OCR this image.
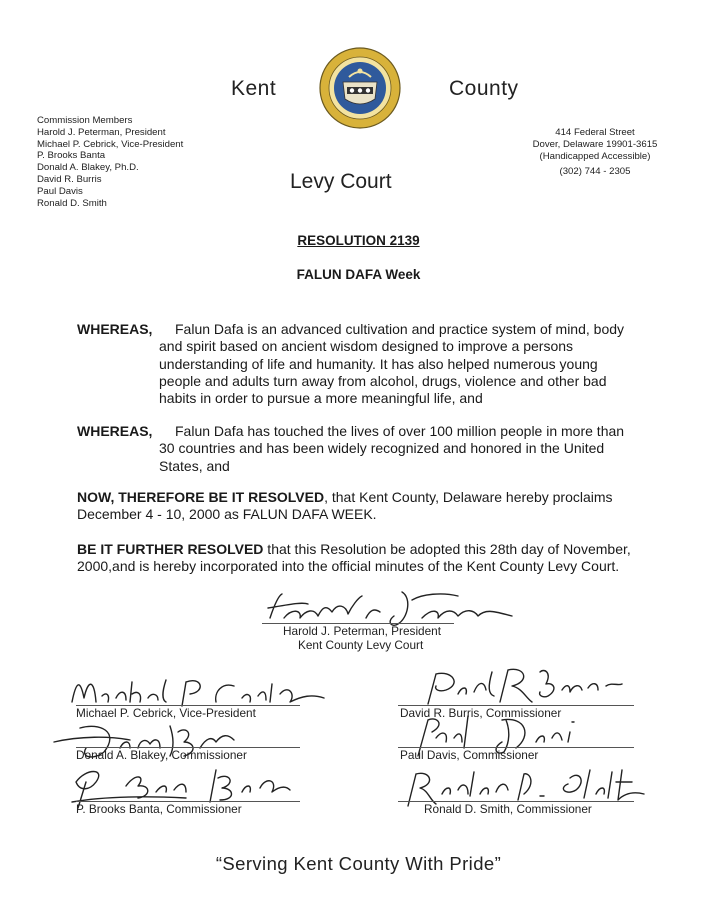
Kent	County
Commission Members
Harold J. Peterman, President
Michael P. Cebrick, Vice-President
P. Brooks Banta
Donald A. Blakey, Ph.D.
David R. Burris
Paul Davis
Ronald D. Smith
414 Federal Street
Dover, Delaware 19901-3615
(Handicapped Accessible)
(302) 744 - 2305
Levy Court
RESOLUTION 2139
FALUN DAFA Week
WHEREAS, Falun Dafa is an advanced cultivation and practice system of mind, body
and spirit based on ancient wisdom designed to improve a persons
understanding of life and humanity. It has also helped numerous young
people and adults turn away from alcohol, drugs, violence and other bad
habits in order to pursue a more meaningful life, and
WHEREAS, Falun Dafa has touched the lives of over 100 million people in more than
30 countries and has been widely recognized and honored in the United
States, and
NOW, THEREFORE BE IT RESOLVED, that Kent County, Delaware hereby proclaims
December 4 - 10, 2000 as FALUN DAFA WEEK.
BE IT FURTHER RESOLVED that this Resolution be adopted this 28th day of November,
2000,and is hereby incorporated into the official minutes of the Kent County Levy Court.
Harold J. Peterman, President
Kent County Levy Court
Michael P. Cebrick, Vice-President
Donald A. Blakey, Commissioner
P. Brooks Banta, Commissioner
David R. Burris, Commissioner
Paul Davis, Commissioner
Ronald D. Smith, Commissioner
“Serving Kent County With Pride”
